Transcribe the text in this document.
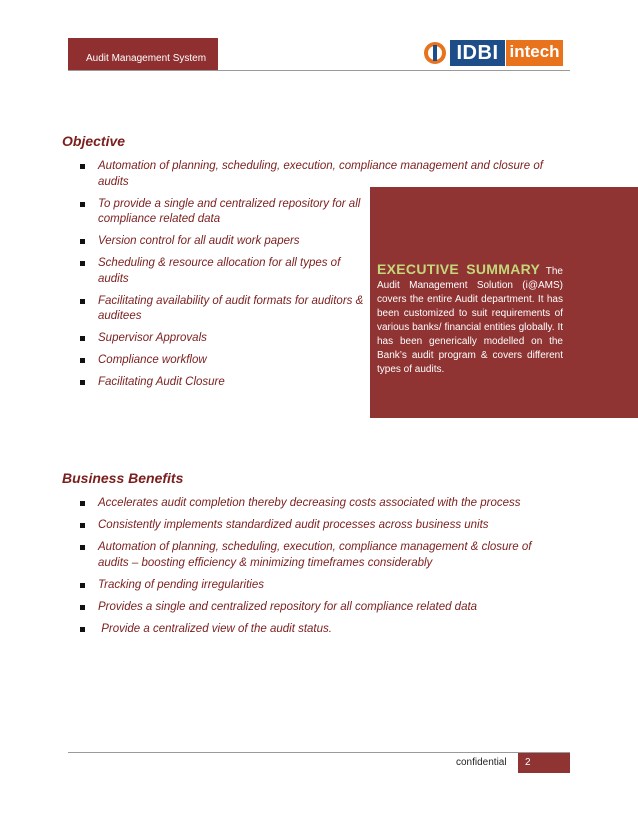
Audit Management System	IDBI intech
Objective
Automation of planning, scheduling, execution, compliance management and closure of audits
To provide a single and centralized repository for all compliance related data
Version control for all audit work papers
Scheduling & resource allocation for all types of audits
Facilitating availability of audit formats for auditors & auditees
Supervisor Approvals
Compliance workflow
Facilitating Audit Closure
EXECUTIVE SUMMARY The Audit Management Solution (i@AMS) covers the entire Audit department. It has been customized to suit requirements of various banks/ financial entities globally. It has been generically modelled on the Bank’s audit program & covers different types of audits.
Business Benefits
Accelerates audit completion thereby decreasing costs associated with the process
Consistently implements standardized audit processes across business units
Automation of planning, scheduling, execution, compliance management & closure of audits – boosting efficiency & minimizing timeframes considerably
Tracking of pending irregularities
Provides a single and centralized repository for all compliance related data
Provide a centralized view of the audit status.
confidential 2
